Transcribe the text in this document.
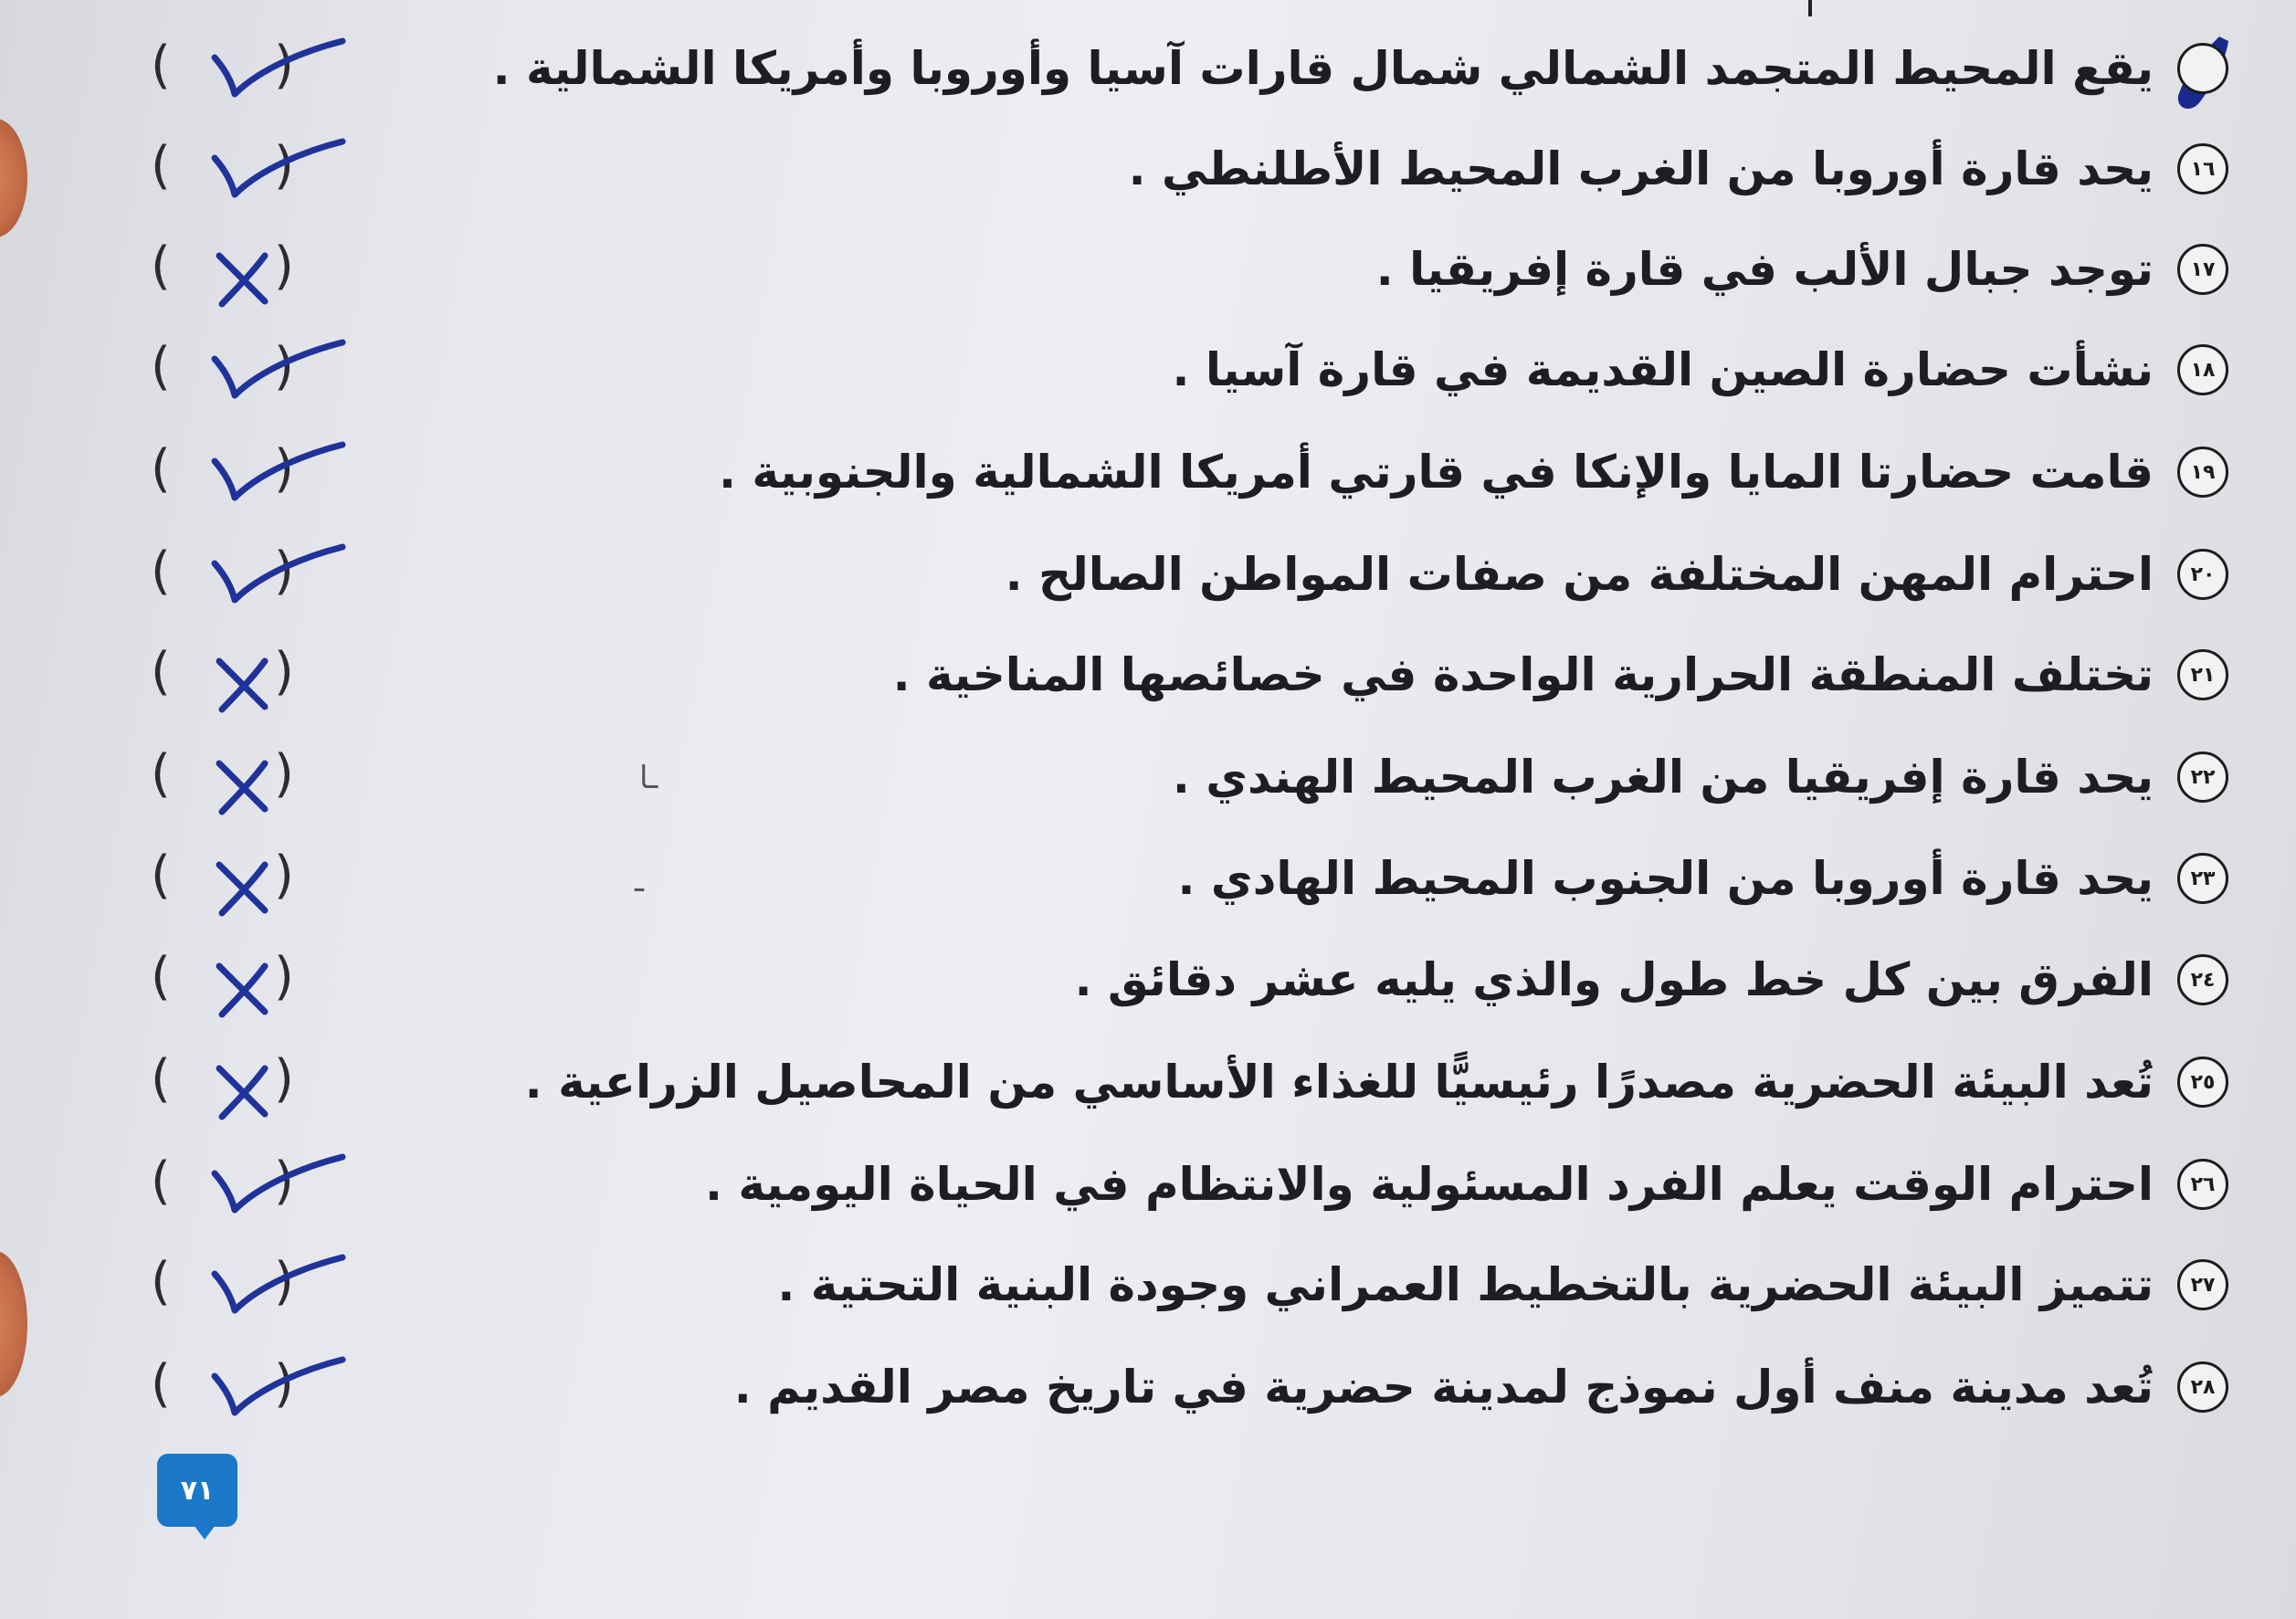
يقع المحيط المتجمد الشمالي شمال قارات آسيا وأوروبا وأمريكا الشمالية .
١٦
يحد قارة أوروبا من الغرب المحيط الأطلنطي .
١٧
توجد جبال الألب في قارة إفريقيا .
١٨
نشأت حضارة الصين القديمة في قارة آسيا .
١٩
قامت حضارتا المايا والإنكا في قارتي أمريكا الشمالية والجنوبية .
٢٠
احترام المهن المختلفة من صفات المواطن الصالح .
٢١
تختلف المنطقة الحرارية الواحدة في خصائصها المناخية .
٢٢
يحد قارة إفريقيا من الغرب المحيط الهندي .
٢٣
يحد قارة أوروبا من الجنوب المحيط الهادي .
٢٤
الفرق بين كل خط طول والذي يليه عشر دقائق .
٢٥
تُعد البيئة الحضرية مصدرًا رئيسيًّا للغذاء الأساسي من المحاصيل الزراعية .
٢٦
احترام الوقت يعلم الفرد المسئولية والانتظام في الحياة اليومية .
٢٧
تتميز البيئة الحضرية بالتخطيط العمراني وجودة البنية التحتية .
٢٨
تُعد مدينة منف أول نموذج لمدينة حضرية في تاريخ مصر القديم .
ـا
ـ
٧١
( )
( )
( )
( )
( )
( )
( )
( )
( )
( )
( )
( )
( )
( )
